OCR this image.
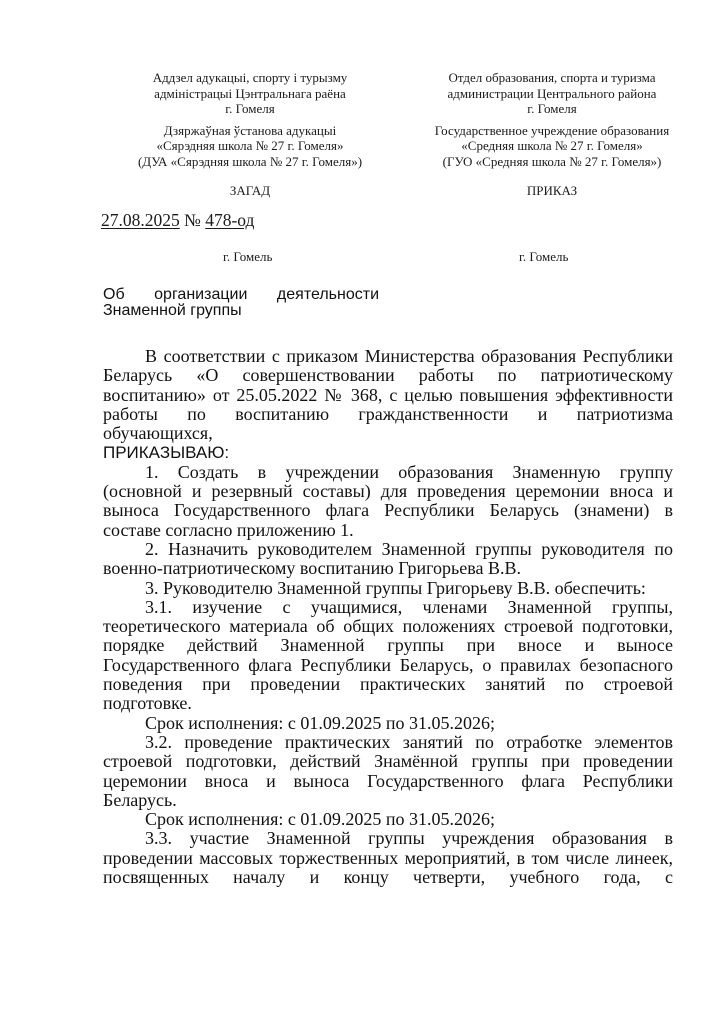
Аддзел адукацыі, спорту і турызму
адміністрацыі Цэнтральнага раёна
г. Гомеля
Дзяржаўная ўстанова адукацыі
«Сярэдняя школа № 27 г. Гомеля»
(ДУА «Сярэдняя школа № 27 г. Гомеля»)
ЗАГАД
Отдел образования, спорта и туризма
администрации Центрального района
г. Гомеля
Государственное учреждение образования
«Средняя школа № 27 г. Гомеля»
(ГУО «Средняя школа № 27 г. Гомеля»)
ПРИКАЗ
27.08.2025 № 478-од
г. Гомель	г. Гомель
Об организации деятельности
Знаменной группы
В соответствии с приказом Министерства образования Республики
Беларусь «О совершенствовании работы по патриотическому
воспитанию» от 25.05.2022 № 368, с целью повышения эффективности
работы по воспитанию гражданственности и патриотизма
обучающихся,
ПРИКАЗЫВАЮ:
1. Создать в учреждении образования Знаменную группу
(основной и резервный составы) для проведения церемонии вноса и
выноса Государственного флага Республики Беларусь (знамени) в
составе согласно приложению 1.
2. Назначить руководителем Знаменной группы руководителя по
военно-патриотическому воспитанию Григорьева В.В.
3. Руководителю Знаменной группы Григорьеву В.В. обеспечить:
3.1. изучение с учащимися, членами Знаменной группы,
теоретического материала об общих положениях строевой подготовки,
порядке действий Знаменной группы при вносе и выносе
Государственного флага Республики Беларусь, о правилах безопасного
поведения при проведении практических занятий по строевой
подготовке.
Срок исполнения: с 01.09.2025 по 31.05.2026;
3.2. проведение практических занятий по отработке элементов
строевой подготовки, действий Знамённой группы при проведении
церемонии вноса и выноса Государственного флага Республики
Беларусь.
Срок исполнения: с 01.09.2025 по 31.05.2026;
3.3. участие Знаменной группы учреждения образования в
проведении массовых торжественных мероприятий, в том числе линеек,
посвященных началу и концу четверти, учебного года, с
